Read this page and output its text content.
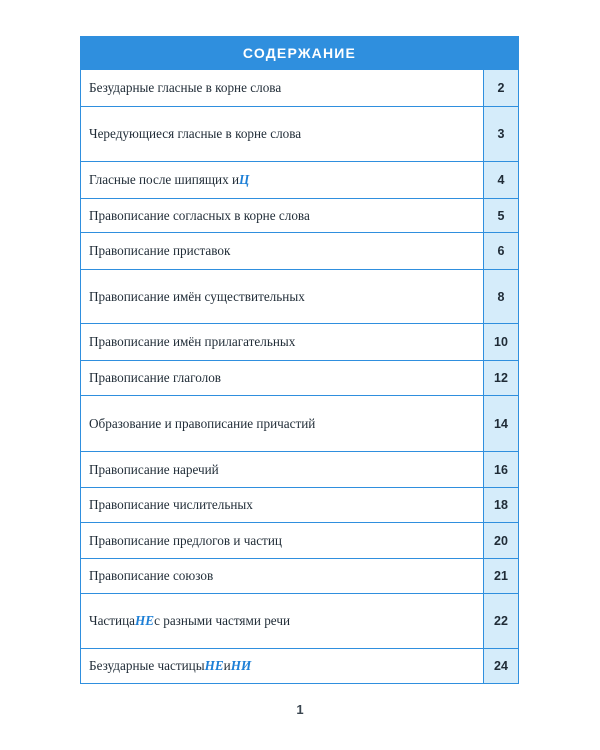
СОДЕРЖАНИЕ
Безударные гласные в корне слова	2
Чередующиеся гласные в корне слова	3
Гласные после шипящих и Ц	4
Правописание согласных в корне слова	5
Правописание приставок	6
Правописание имён существительных	8
Правописание имён прилагательных	10
Правописание глаголов	12
Образование и правописание причастий	14
Правописание наречий	16
Правописание числительных	18
Правописание предлогов и частиц	20
Правописание союзов	21
Частица НЕ с разными частями речи	22
Безударные частицы НЕ и НИ	24
1
